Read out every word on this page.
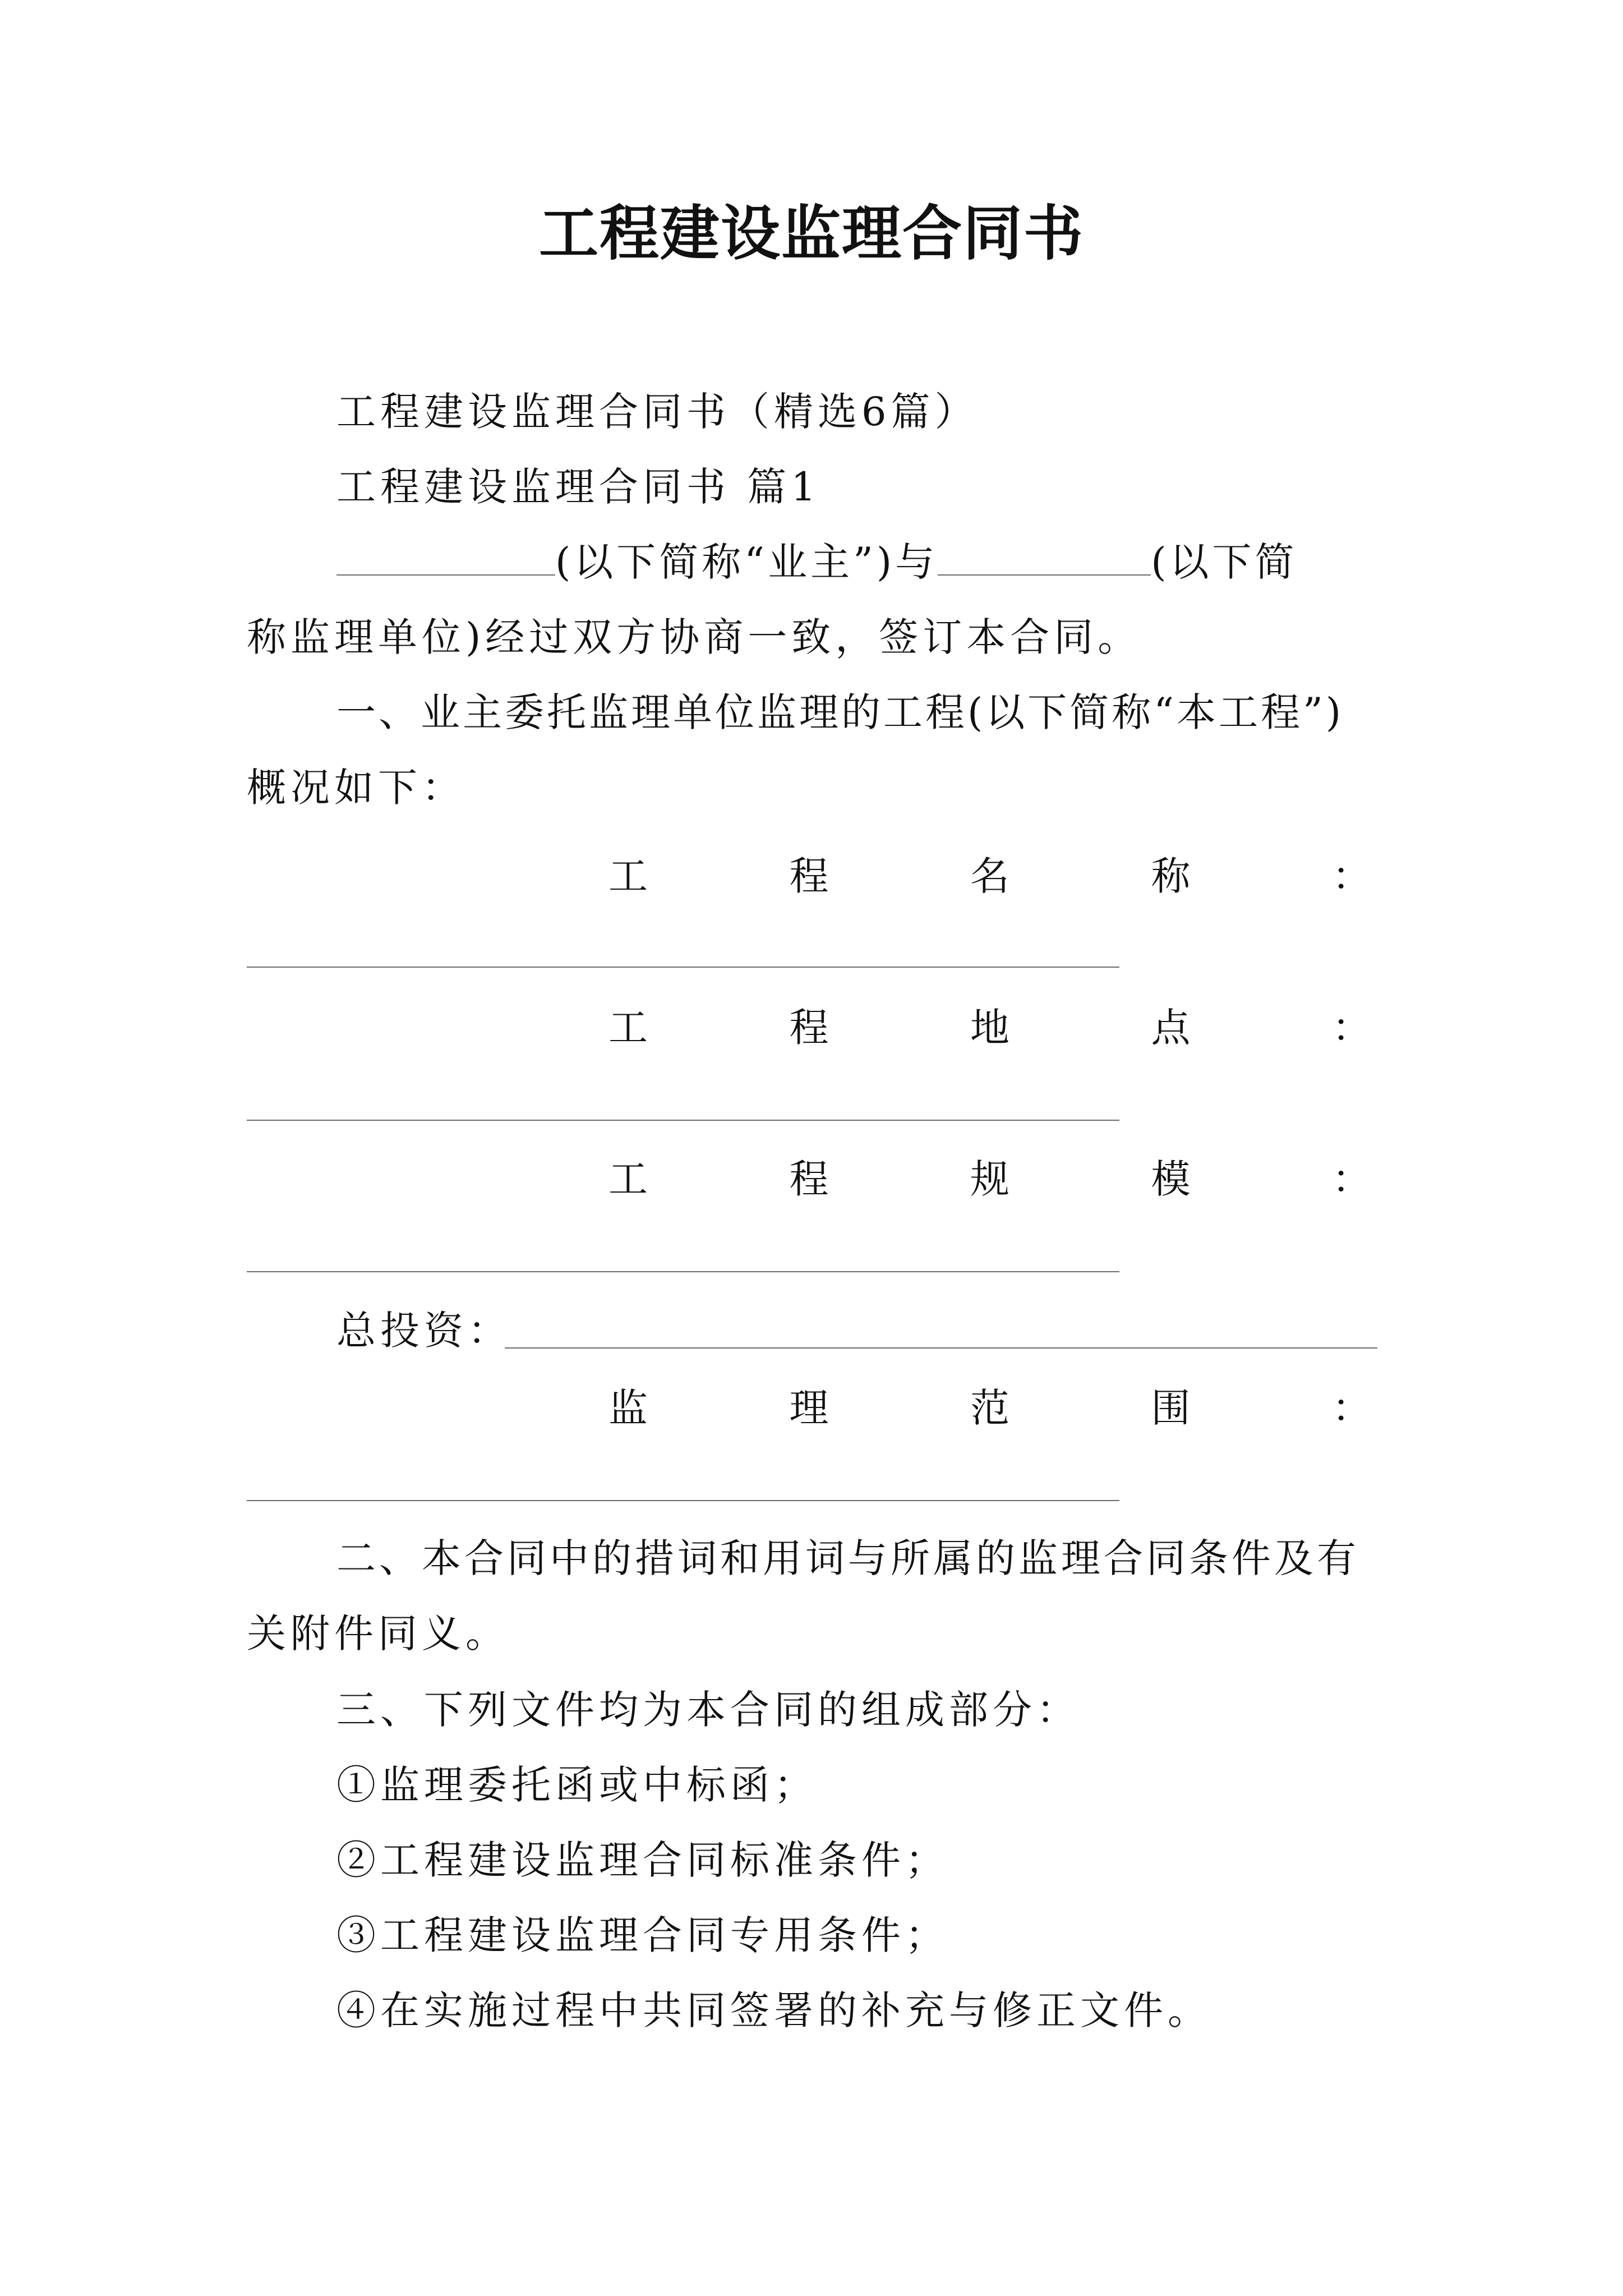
工程建设监理合同书
工程建设监理合同书（精选6篇）
工程建设监理合同书 篇1
(以下简称“业主”)与	(以下简
称监理单位)经过双方协商一致，签订本合同。
一、业主委托监理单位监理的工程(以下简称“本工程”)
概况如下：
工	程	名	称	：
工	程	地	点	：
工	程	规	模	：
总投资：
监	理	范	围	：
二、本合同中的措词和用词与所属的监理合同条件及有
关附件同义。
三、下列文件均为本合同的组成部分：
①监理委托函或中标函；
②工程建设监理合同标准条件；
③工程建设监理合同专用条件；
④在实施过程中共同签署的补充与修正文件。
